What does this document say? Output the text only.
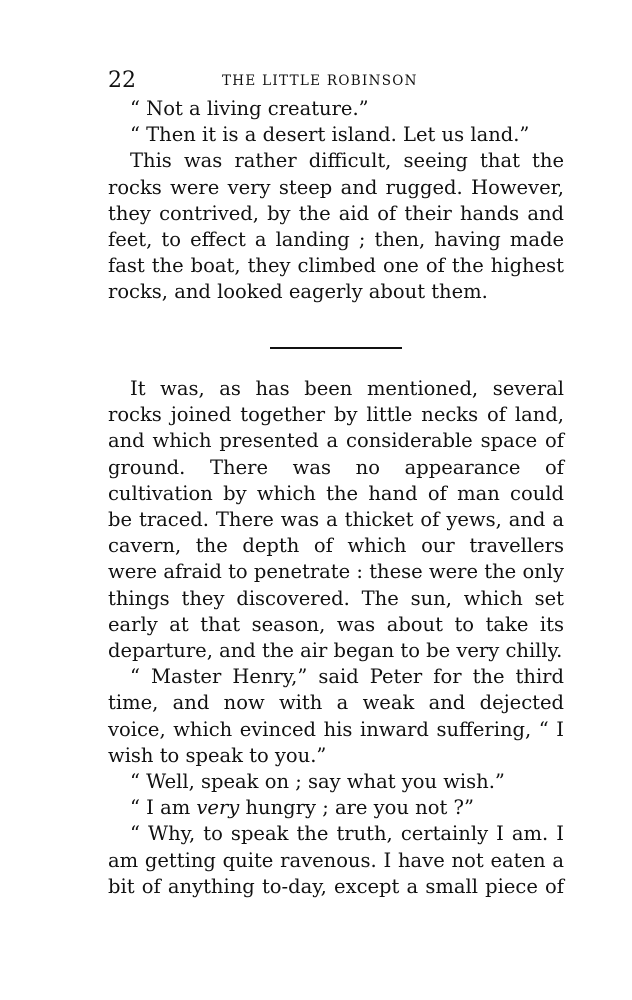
22	THE LITTLE ROBINSON

“ Not a living creature.”

“ Then it is a desert island. Let us land.”

This was rather difficult, seeing that the rocks were very steep and rugged. However, they contrived, by the aid of their hands and feet, to effect a landing ; then, having made fast the boat, they climbed one of the highest rocks, and looked eagerly about them.

It was, as has been mentioned, several rocks joined together by little necks of land, and which presented a considerable space of ground. There was no appearance of cultivation by which the hand of man could be traced. There was a thicket of yews, and a cavern, the depth of which our travellers were afraid to penetrate : these were the only things they discovered. The sun, which set early at that season, was about to take its departure, and the air began to be very chilly.

“ Master Henry,” said Peter for the third time, and now with a weak and dejected voice, which evinced his inward suffering, “ I wish to speak to you.”

“ Well, speak on ; say what you wish.”

“ I am very hungry ; are you not ?”

“ Why, to speak the truth, certainly I am. I am getting quite ravenous. I have not eaten a bit of anything to-day, except a small piece of
